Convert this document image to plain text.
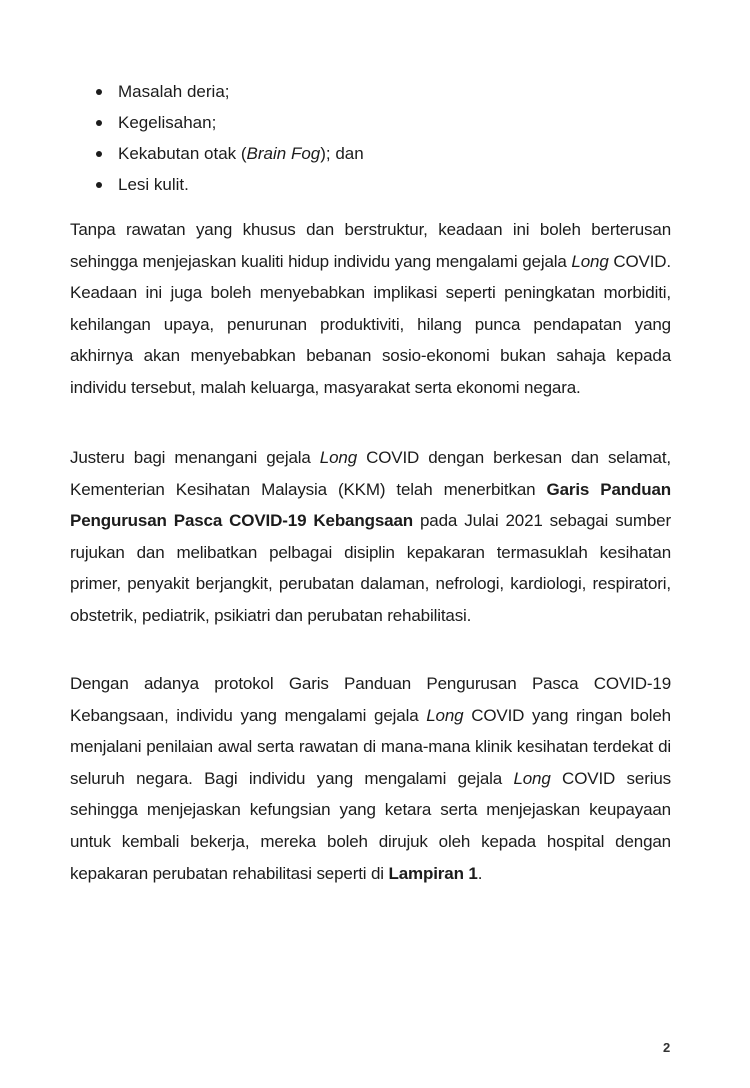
Masalah deria;
Kegelisahan;
Kekabutan otak (Brain Fog); dan
Lesi kulit.

Tanpa rawatan yang khusus dan berstruktur, keadaan ini boleh berterusan sehingga menjejaskan kualiti hidup individu yang mengalami gejala Long COVID. Keadaan ini juga boleh menyebabkan implikasi seperti peningkatan morbiditi, kehilangan upaya, penurunan produktiviti, hilang punca pendapatan yang akhirnya akan menyebabkan bebanan sosio-ekonomi bukan sahaja kepada individu tersebut, malah keluarga, masyarakat serta ekonomi negara.

Justeru bagi menangani gejala Long COVID dengan berkesan dan selamat, Kementerian Kesihatan Malaysia (KKM) telah menerbitkan Garis Panduan Pengurusan Pasca COVID-19 Kebangsaan pada Julai 2021 sebagai sumber rujukan dan melibatkan pelbagai disiplin kepakaran termasuklah kesihatan primer, penyakit berjangkit, perubatan dalaman, nefrologi, kardiologi, respiratori, obstetrik, pediatrik, psikiatri dan perubatan rehabilitasi.

Dengan adanya protokol Garis Panduan Pengurusan Pasca COVID-19 Kebangsaan, individu yang mengalami gejala Long COVID yang ringan boleh menjalani penilaian awal serta rawatan di mana-mana klinik kesihatan terdekat di seluruh negara. Bagi individu yang mengalami gejala Long COVID serius sehingga menjejaskan kefungsian yang ketara serta menjejaskan keupayaan untuk kembali bekerja, mereka boleh dirujuk oleh kepada hospital dengan kepakaran perubatan rehabilitasi seperti di Lampiran 1.

2
